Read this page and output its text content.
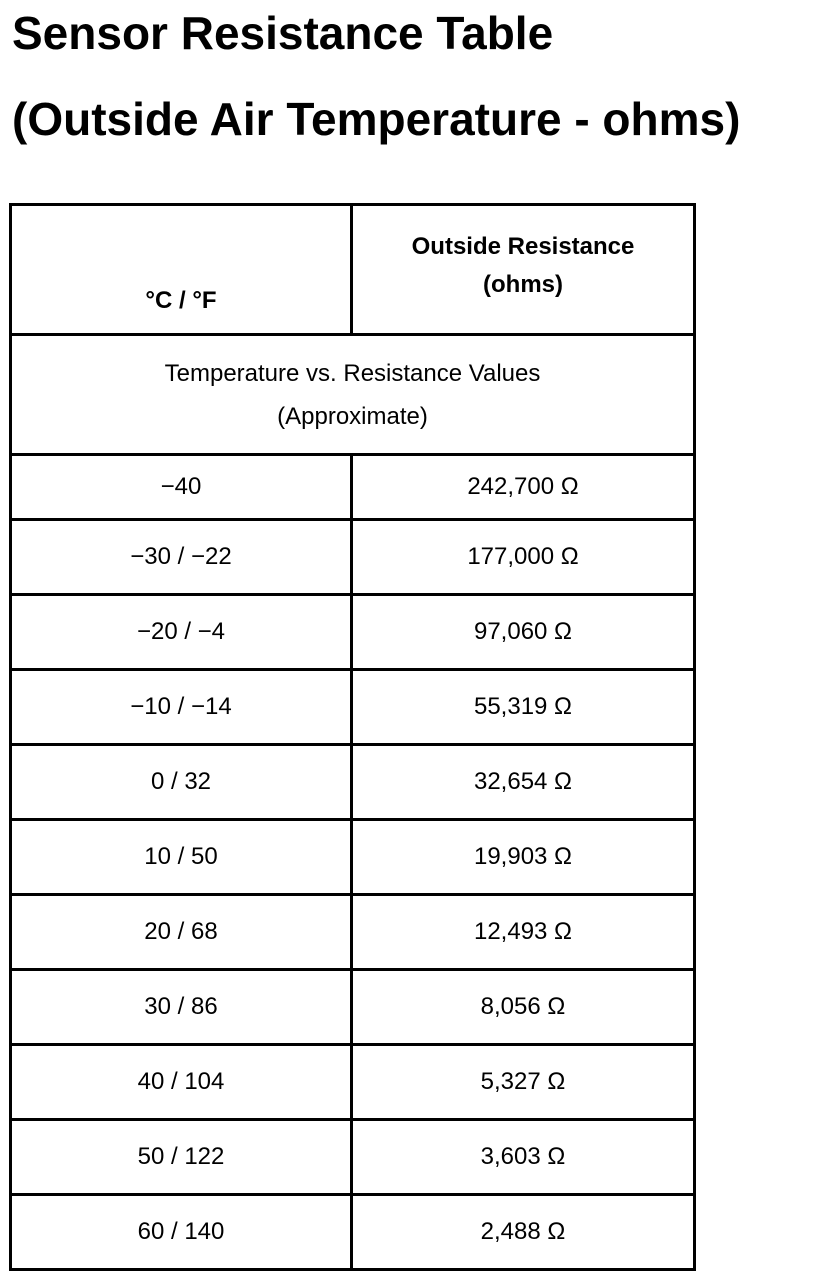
Sensor Resistance Table
(Outside Air Temperature - ohms)
°C / °F	Outside Resistance
(ohms)

Temperature vs. Resistance Values
(Approximate)	

−40	242,700 Ω
−30 / −22	177,000 Ω
−20 / −4	97,060 Ω
−10 / −14	55,319 Ω
0 / 32	32,654 Ω
10 / 50	19,903 Ω
20 / 68	12,493 Ω
30 / 86	8,056 Ω
40 / 104	5,327 Ω
50 / 122	3,603 Ω
60 / 140	2,488 Ω
